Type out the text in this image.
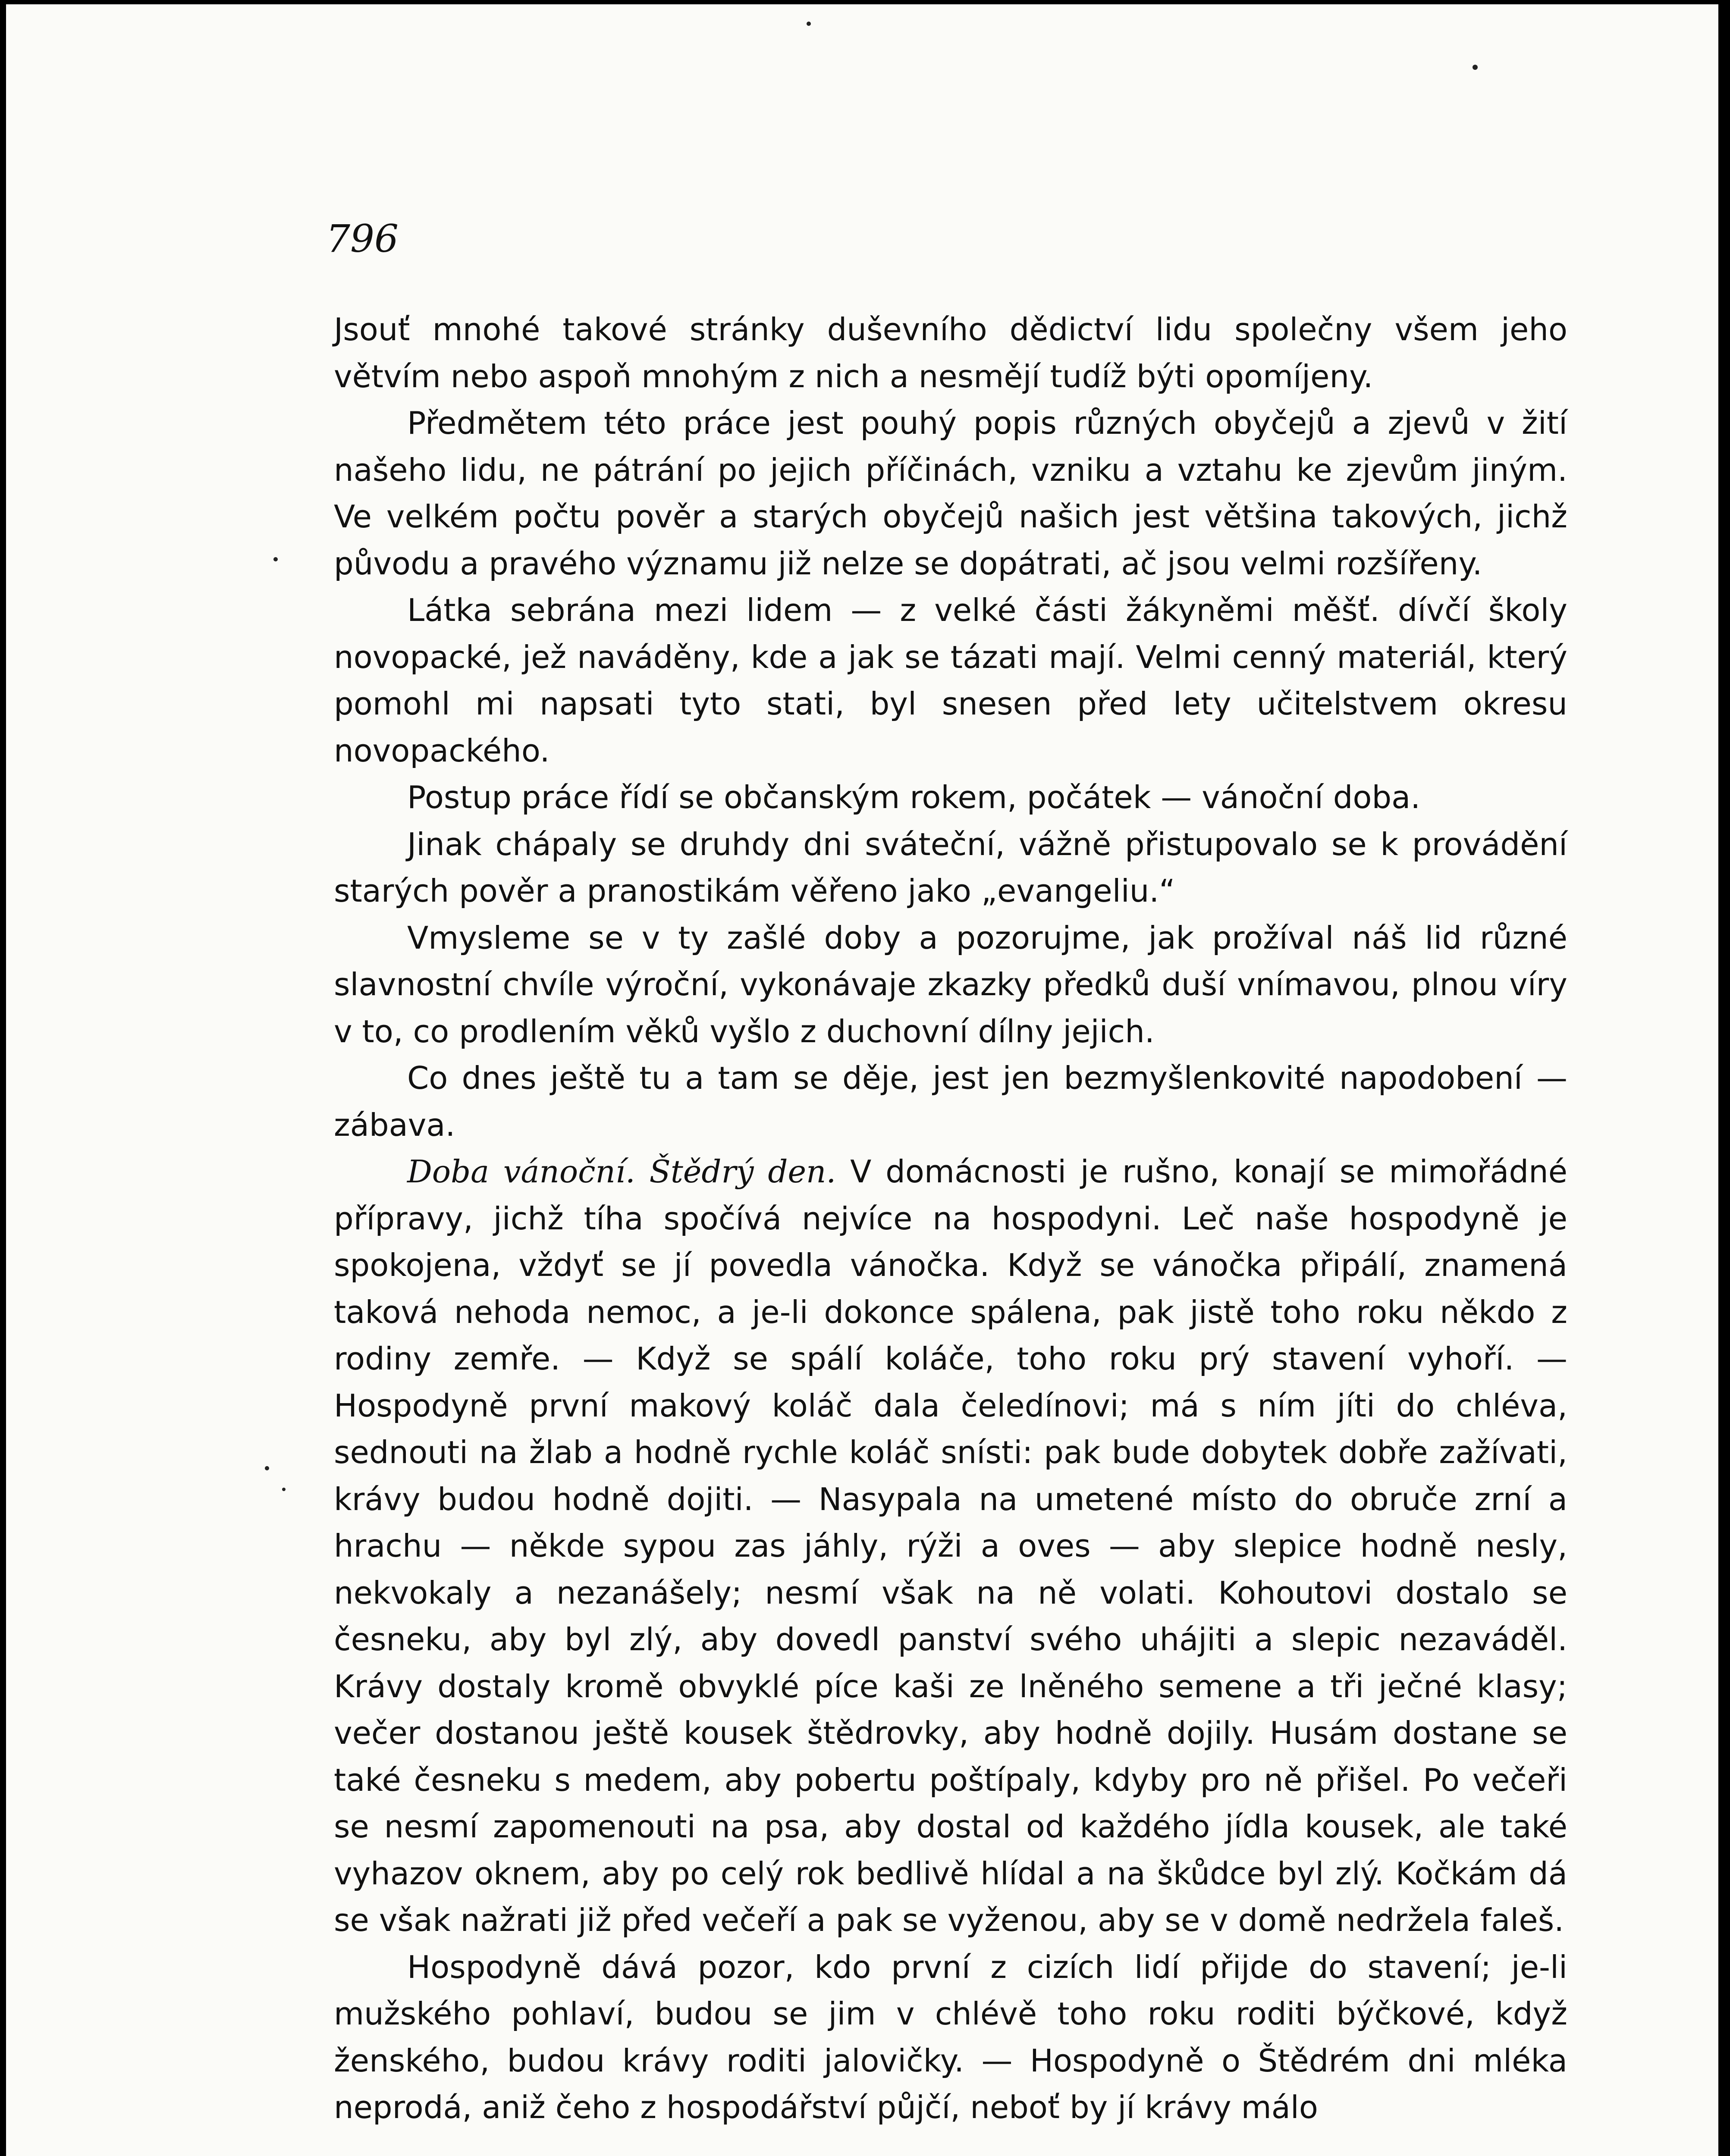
796

Jsouť mnohé takové stránky duševního dědictví lidu společny všem jeho větvím nebo aspoň mnohým z nich a nesmějí tudíž býti opomíjeny.

Předmětem této práce jest pouhý popis různých obyčejů a zjevů v žití našeho lidu, ne pátrání po jejich příčinách, vzniku a vztahu ke zjevům jiným. Ve velkém počtu pověr a starých obyčejů našich jest většina takových, jichž původu a pravého významu již nelze se dopátrati, ač jsou velmi rozšířeny.

Látka sebrána mezi lidem — z velké části žákyněmi měšť. dívčí školy novopacké, jež naváděny, kde a jak se tázati mají. Velmi cenný materiál, který pomohl mi napsati tyto stati, byl snesen před lety učitelstvem okresu novopackého.

Postup práce řídí se občanským rokem, počátek — vánoční doba.

Jinak chápaly se druhdy dni sváteční, vážně přistupovalo se k provádění starých pověr a pranostikám věřeno jako „evangeliu.“

Vmysleme se v ty zašlé doby a pozorujme, jak prožíval náš lid různé slavnostní chvíle výroční, vykonávaje zkazky předků duší vnímavou, plnou víry v to, co prodlením věků vyšlo z duchovní dílny jejich.

Co dnes ještě tu a tam se děje, jest jen bezmyšlenkovité napodobení — zábava.

Doba vánoční. Štědrý den. V domácnosti je rušno, konají se mimořádné přípravy, jichž tíha spočívá nejvíce na hospodyni. Leč naše hospodyně je spokojena, vždyť se jí povedla vánočka. Když se vánočka připálí, znamená taková nehoda nemoc, a je-li dokonce spálena, pak jistě toho roku někdo z rodiny zemře. — Když se spálí koláče, toho roku prý stavení vyhoří. — Hospodyně první makový koláč dala čeledínovi; má s ním jíti do chléva, sednouti na žlab a hodně rychle koláč snísti: pak bude dobytek dobře zažívati, krávy budou hodně dojiti. — Nasypala na umetené místo do obruče zrní a hrachu — někde sypou zas jáhly, rýži a oves — aby slepice hodně nesly, nekvokaly a nezanášely; nesmí však na ně volati. Kohoutovi dostalo se česneku, aby byl zlý, aby dovedl panství svého uhájiti a slepic nezaváděl. Krávy dostaly kromě obvyklé píce kaši ze lněného semene a tři ječné klasy; večer dostanou ještě kousek štědrovky, aby hodně dojily. Husám dostane se také česneku s medem, aby pobertu poštípaly, kdyby pro ně přišel. Po večeři se nesmí zapomenouti na psa, aby dostal od každého jídla kousek, ale také vyhazov oknem, aby po celý rok bedlivě hlídal a na škůdce byl zlý. Kočkám dá se však nažrati již před večeří a pak se vyženou, aby se v domě nedržela faleš.

Hospodyně dává pozor, kdo první z cizích lidí přijde do stavení; je-li mužského pohlaví, budou se jim v chlévě toho roku roditi býčkové, když ženského, budou krávy roditi jalovičky. — Hospodyně o Štědrém dni mléka neprodá, aniž čeho z hospodářství půjčí, neboť by jí krávy málo
